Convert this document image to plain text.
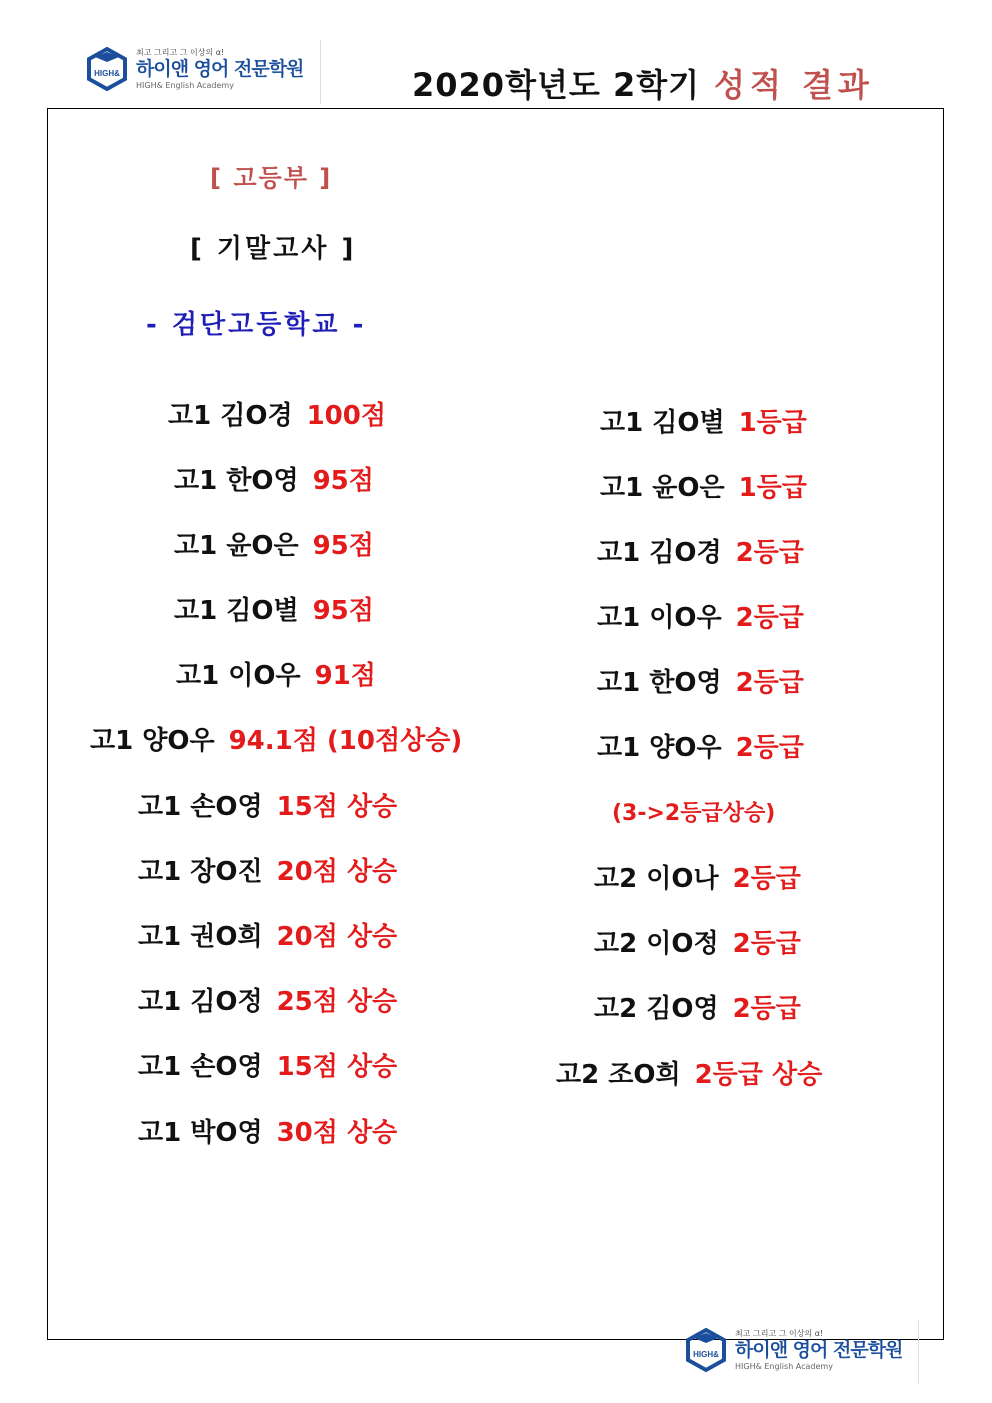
HIGH&
최고 그리고 그 이상의 α!
하이앤 영어 전문학원
HIGH& English Academy	2020학년도 2학기 성적 결과
[ 고등부 ]
[ 기말고사 ]
- 검단고등학교 -
고1 김O경 100점
고1 한O영 95점
고1 윤O은 95점
고1 김O별 95점
고1 이O우 91점
고1 양O우 94.1점 (10점상승)
고1 손O영 15점 상승
고1 장O진 20점 상승
고1 권O희 20점 상승
고1 김O정 25점 상승
고1 손O영 15점 상승
고1 박O영 30점 상승
고1 김O별 1등급
고1 윤O은 1등급
고1 김O경 2등급
고1 이O우 2등급
고1 한O영 2등급
고1 양O우 2등급
(3->2등급상승)
고2 이O나 2등급
고2 이O정 2등급
고2 김O영 2등급
고2 조O희 2등급 상승
HIGH&
최고 그리고 그 이상의 α!
하이앤 영어 전문학원
HIGH& English Academy
